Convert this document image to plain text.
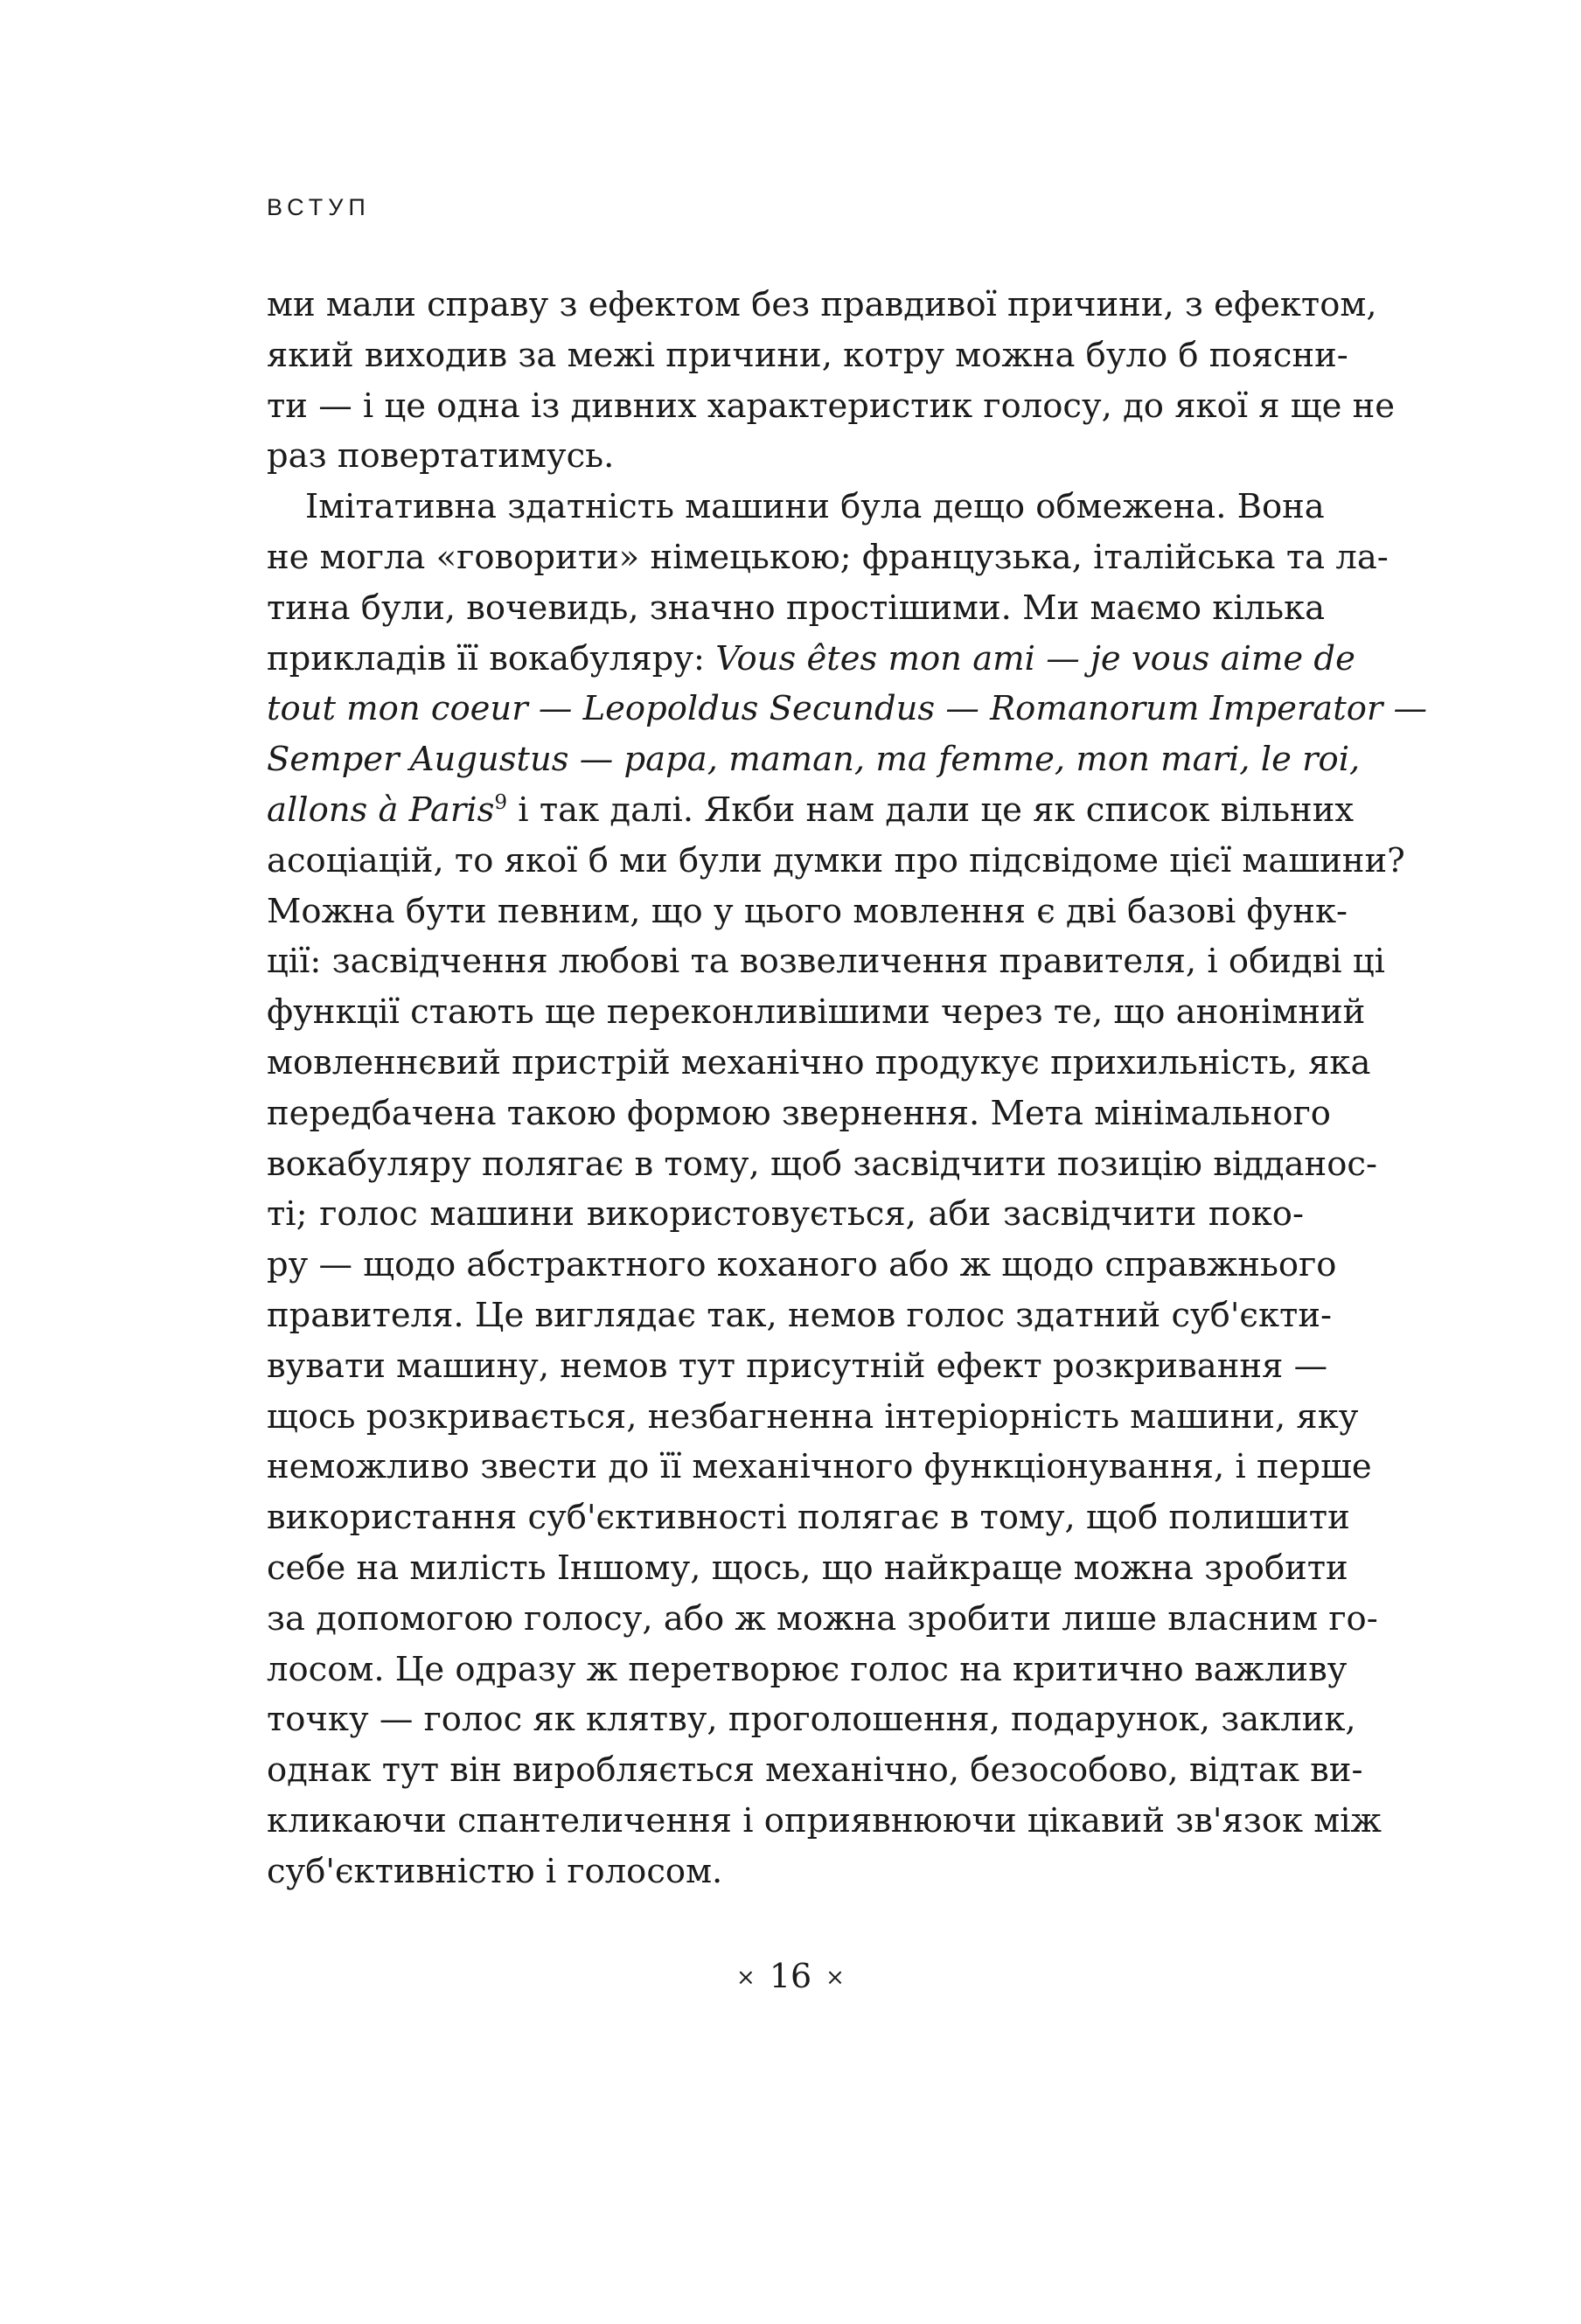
ВСТУП
ми мали справу з ефектом без правдивої причини, з ефектом,
який виходив за межі причини, котру можна було б поясни-
ти — і це одна із дивних характеристик голосу, до якої я ще не
раз повертатимусь.
Імітативна здатність машини була дещо обмежена. Вона
не могла «говорити» німецькою; французька, італійська та ла-
тина були, вочевидь, значно простішими. Ми маємо кілька
прикладів її вокабуляру: Vous êtes mon ami — je vous aime de
tout mon coeur — Leopoldus Secundus — Romanorum Imperator —
Semper Augustus — papa, maman, ma femme, mon mari, le roi,
allons à Paris$^9$ і так далі. Якби нам дали це як список вільних
асоціацій, то якої б ми були думки про підсвідоме цієї машини?
Можна бути певним, що у цього мовлення є дві базові функ-
ції: засвідчення любові та возвеличення правителя, і обидві ці
функції стають ще переконливішими через те, що анонімний
мовленнєвий пристрій механічно продукує прихильність, яка
передбачена такою формою звернення. Мета мінімального
вокабуляру полягає в тому, щоб засвідчити позицію відданос-
ті; голос машини використовується, аби засвідчити поко-
ру — щодо абстрактного коханого або ж щодо справжнього
правителя. Це виглядає так, немов голос здатний суб'єкти-
вувати машину, немов тут присутній ефект розкривання —
щось розкривається, незбагненна інтеріорність машини, яку
неможливо звести до її механічного функціонування, і перше
використання суб'єктивності полягає в тому, щоб полишити
себе на милість Іншому, щось, що найкраще можна зробити
за допомогою голосу, або ж можна зробити лише власним го-
лосом. Це одразу ж перетворює голос на критично важливу
точку — голос як клятву, проголошення, подарунок, заклик,
однак тут він виробляється механічно, безособово, відтак ви-
кликаючи спантеличення і оприявнюючи цікавий зв'язок між
суб'єктивністю і голосом.
× 16 ×
